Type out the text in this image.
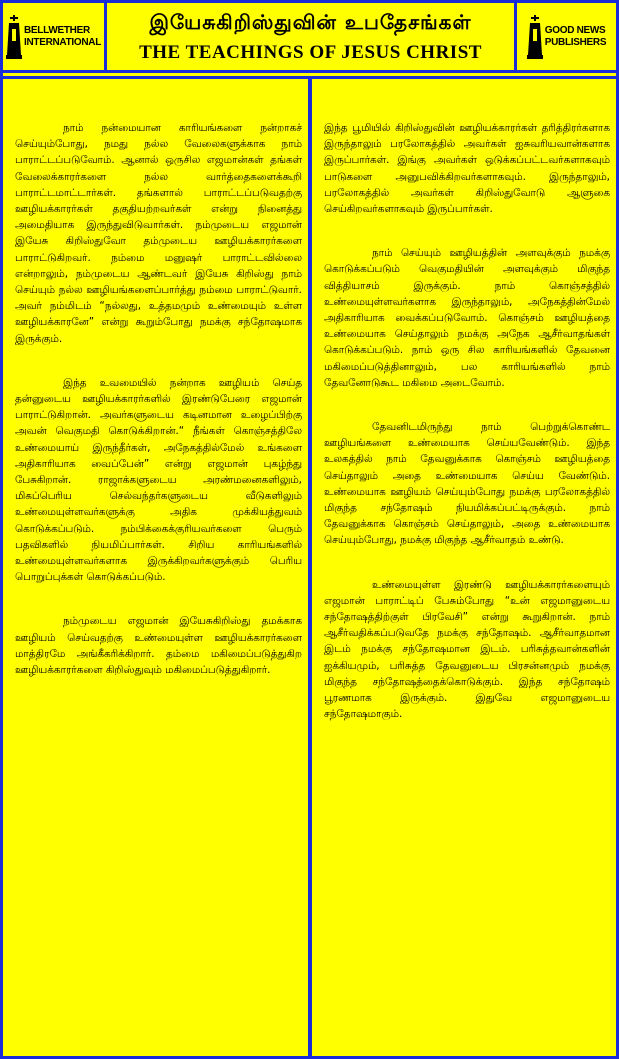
BELLWETHER
INTERNATIONAL
இயேசுகிறிஸ்துவின் உபதேசங்கள்
THE TEACHINGS OF JESUS CHRIST
GOOD NEWS
PUBLISHERS

நாம் நன்மையான காரியங்களை நன்றாகச் செய்யும்போது, நமது நல்ல வேலைகளுக்காக நாம் பாராட்டப்படுவோம். ஆனால் ஒருசில எஜமான்கள் தங்கள் வேலைக்காரர்களை நல்ல வார்த்தைகளைக்கூறி பாராட்டமாட்டார்கள். தங்களால் பாராட்டப்படுவதற்கு ஊழியக்காரர்கள் தகுதியற்றவர்கள் என்று நினைத்து அமைதியாக இருந்துவிடுவார்கள். நம்முடைய எஜமான் இயேசு கிறிஸ்துவோ தம்முடைய ஊழியக்காரர்களை பாராட்டுகிறவர். நம்மை மனுஷர் பாராட்டவில்லை என்றாலும், நம்முடைய ஆண்டவர் இயேசு கிறிஸ்து நாம் செய்யும் நல்ல ஊழியங்களைப்பார்த்து நம்மை பாராட்டுவார். அவர் நம்மிடம் “நல்லது, உத்தமமும் உண்மையும் உள்ள ஊழியக்காரனே” என்று கூறும்போது நமக்கு சந்தோஷமாக இருக்கும்.

இந்த உவமையில் நன்றாக ஊழியம் செய்த தன்னுடைய ஊழியக்காரர்களில் இரண்டுபேரை எஜமான் பாராட்டுகிறான். அவர்களுடைய கடினமான உழைப்பிற்கு அவன் வெகுமதி கொடுக்கிறான்.“ நீங்கள் கொஞ்சத்திலே உண்மையாய் இருந்தீர்கள், அநேகத்தில்மேல் உங்களை அதிகாரியாக வைப்பேன்” என்று எஜமான் புகழ்ந்து பேசுகிறான். ராஜாக்களுடைய அரண்மனைகளிலும், மிகப்பெரிய செல்வந்தர்களுடைய வீடுகளிலும் உண்மையுள்ளவர்களுக்கு அதிக முக்கியத்துவம் கொடுக்கப்படும். நம்பிக்கைக்குரியவர்களை பெரும் பதவிகளில் நியமிப்பார்கள். சிறிய காரியங்களில் உண்மையுள்ளவர்களாக இருக்கிறவர்களுக்கும் பெரிய பொறுப்புக்கள் கொடுக்கப்படும்.

நம்முடைய எஜமான் இயேசுகிறிஸ்து தமக்காக ஊழியம் செய்வதற்கு உண்மையுள்ள ஊழியக்காரர்களை மாத்திரமே அங்கீகரிக்கிறார். தம்மை மகிமைப்படுத்துகிற ஊழியக்காரர்களை கிறிஸ்துவும் மகிமைப்படுத்துகிறார்.

இந்த பூமியில் கிறிஸ்துவின் ஊழியக்காரர்கள் தரித்திரர்களாக இருந்தாலும் பரலோகத்தில் அவர்கள் ஐசுவரியவான்களாக இருப்பார்கள். இங்கு அவர்கள் ஒடுக்கப்பட்டவர்களாகவும் பாடுகளை அனுபவிக்கிறவர்களாகவும். இருந்தாலும், பரலோகத்தில் அவர்கள் கிறிஸ்துவோடு ஆளுகை செய்கிறவர்களாகவும் இருப்பார்கள்.

நாம் செய்யும் ஊழியத்தின் அளவுக்கும் நமக்கு கொடுக்கப்படும் வெகுமதியின் அளவுக்கும் மிகுந்த வித்தியாசம் இருக்கும். நாம் கொஞ்சத்தில் உண்மையுள்ளவர்களாக இருந்தாலும், அநேகத்தின்மேல் அதிகாரியாக வைக்கப்படுவோம். கொஞ்சம் ஊழியத்தை உண்மையாக செய்தாலும் நமக்கு அநேக ஆசீர்வாதங்கள் கொடுக்கப்படும். நாம் ஒரு சில காரியங்களில் தேவனை மகிமைப்படுத்தினாலும், பல காரியங்களில் நாம் தேவனோடுகூட மகிமை அடைவோம்.

தேவனிடமிருந்து நாம் பெற்றுக்கொண்ட ஊழியங்களை உண்மையாக செய்யவேண்டும். இந்த உலகத்தில் நாம் தேவனுக்காக கொஞ்சம் ஊழியத்தை செய்தாலும் அதை உண்மையாக செய்ய வேண்டும். உண்மையாக ஊழியம் செய்யும்போது நமக்கு பரலோகத்தில் மிகுந்த சந்தோஷம் நியமிக்கப்பட்டிருக்கும். நாம் தேவனுக்காக கொஞ்சம் செய்தாலும், அதை உண்மையாக செய்யும்போது, நமக்கு மிகுந்த ஆசீர்வாதம் உண்டு.

உண்மையுள்ள இரண்டு ஊழியக்காரர்களையும் எஜமான் பாராட்டிப் பேசும்போது “உன் எஜமானுடைய சந்தோஷத்திற்குள் பிரவேசி” என்று கூறுகிறான். நாம் ஆசீர்வதிக்கப்படுவதே நமக்கு சந்தோஷம். ஆசீர்வாதமான இடம் நமக்கு சந்தோஷமான இடம். பரிசுத்தவான்களின் ஐக்கியமும், பரிசுத்த தேவனுடைய பிரசன்னமும் நமக்கு மிகுந்த சந்தோஷத்தைக்கொடுக்கும். இந்த சந்தோஷம் பூரணமாக இருக்கும். இதுவே எஜமானுடைய சந்தோஷமாகும்.
